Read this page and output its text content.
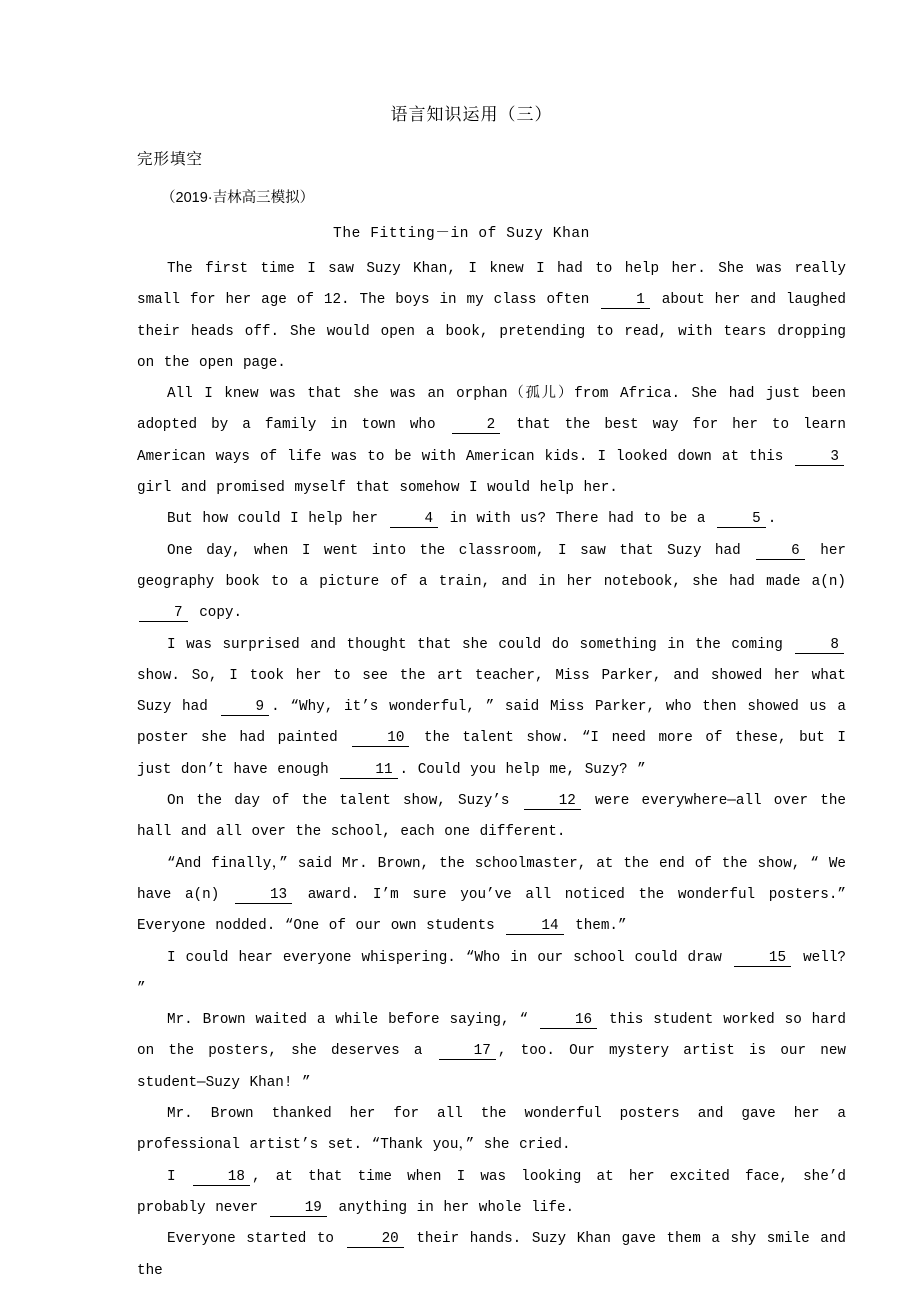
语言知识运用（三）
完形填空
（2019·吉林高三模拟）
The Fitting－in of Suzy Khan
The first time I saw Suzy Khan, I knew I had to help her. She was really small for her age of 12. The boys in my class often	1 about her and laughed their heads off. She would open a book, pretending to read, with tears dropping on the open page.
All I knew was that she was an orphan（孤儿）from Africa. She had just been adopted by a family in town who	2 that the best way for her to learn American ways of life was to be with American kids. I looked down at this	3 girl and promised myself that somehow I would help her.
But how could I help her	4 in with us? There had to be a	5 .
One day, when I went into the classroom, I saw that Suzy had	6 her geography book to a picture of a train, and in her notebook, she had made a(n) 7 copy.
I was surprised and thought that she could do something in the coming	8 show. So, I took her to see the art teacher, Miss Parker, and showed her what Suzy had	9 . “Why, it’s wonderful, ” said Miss Parker, who then showed us a poster she had painted	10 the talent show. “I need more of these, but I just don’t have enough	11 . Could you help me, Suzy? ”
On the day of the talent show, Suzy’s	12 were everywhere—all over the hall and all over the school, each one different.
“And finally，” said Mr. Brown, the schoolmaster, at the end of the show, “ We have a(n)	13 award. I’m sure you’ve all noticed the wonderful posters.” Everyone nodded. “One of our own students	14 them.”
I could hear everyone whispering. “Who in our school could draw	15 well? ”
Mr. Brown waited a while before saying, “	16 this student worked so hard on the posters, she deserves a	17 , too. Our mystery artist is our new student—Suzy Khan! ”
Mr. Brown thanked her for all the wonderful posters and gave her a professional artist’s set. “Thank you，” she cried.
I	18 , at that time when I was looking at her excited face, she’d probably never	19 anything in her whole life.
Everyone started to	20 their hands. Suzy Khan gave them a shy smile and the
